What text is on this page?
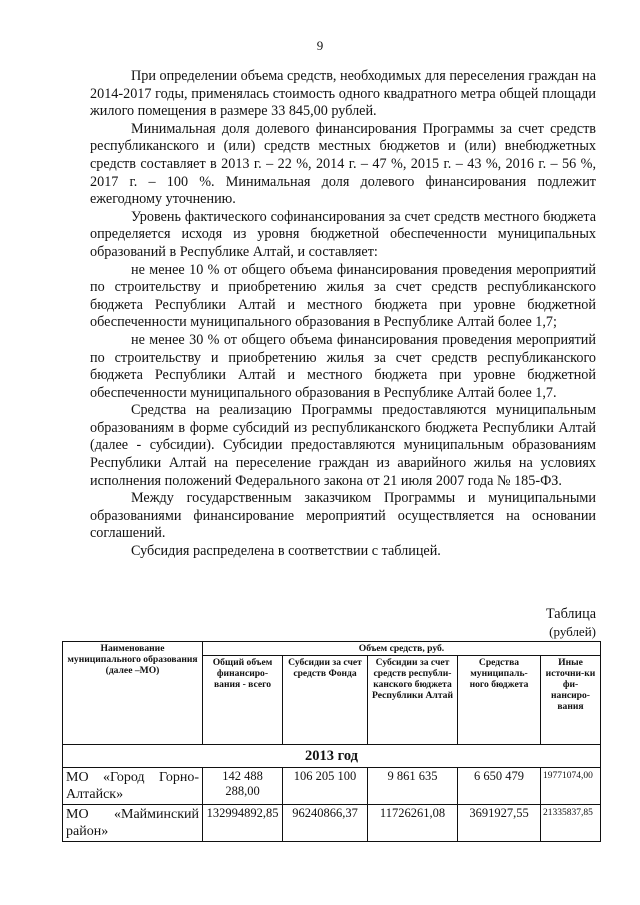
9

При определении объема средств, необходимых для переселения граждан на 2014-2017 годы, применялась стоимость одного квадратного метра общей площади жилого помещения в размере 33 845,00 рублей.

Минимальная доля долевого финансирования Программы за счет средств республиканского и (или) средств местных бюджетов и (или) внебюджетных средств составляет в 2013 г. – 22 %, 2014 г. – 47 %, 2015 г. – 43 %, 2016 г. – 56 %, 2017 г. – 100 %. Минимальная доля долевого финансирования подлежит ежегодному уточнению.

Уровень фактического софинансирования за счет средств местного бюджета определяется исходя из уровня бюджетной обеспеченности муниципальных образований в Республике Алтай, и составляет:

не менее 10 % от общего объема финансирования проведения мероприятий по строительству и приобретению жилья за счет средств республиканского бюджета Республики Алтай и местного бюджета при уровне бюджетной обеспеченности муниципального образования в Республике Алтай более 1,7;

не менее 30 % от общего объема финансирования проведения мероприятий по строительству и приобретению жилья за счет средств республиканского бюджета Республики Алтай и местного бюджета при уровне бюджетной обеспеченности муниципального образования в Республике Алтай более 1,7.

Средства на реализацию Программы предоставляются муниципальным образованиям в форме субсидий из республиканского бюджета Республики Алтай (далее - субсидии). Субсидии предоставляются муниципальным образованиям Республики Алтай на переселение граждан из аварийного жилья на условиях исполнения положений Федерального закона от 21 июля 2007 года № 185-ФЗ.

Между государственным заказчиком Программы и муниципальными образованиями финансирование мероприятий осуществляется на основании соглашений.

Субсидия распределена в соответствии с таблицей.

Таблица
(рублей)
Наименование муниципального образования (далее –МО)	Объем средств, руб.				
	Общий объем финансиро-вания - всего	Субсидии за счет средств Фонда	Субсидии за счет средств республи-канского бюджета Республики Алтай	Средства муниципаль-ного бюджета	Иные источни-ки фи-нансиро-вания
2013 год					
МО «Город Горно-Алтайск»	142 488 288,00	106 205 100	9 861 635	6 650 479	19771074,00
МО «Майминский район»	132994892,85	96240866,37	11726261,08	3691927,55	21335837,85
